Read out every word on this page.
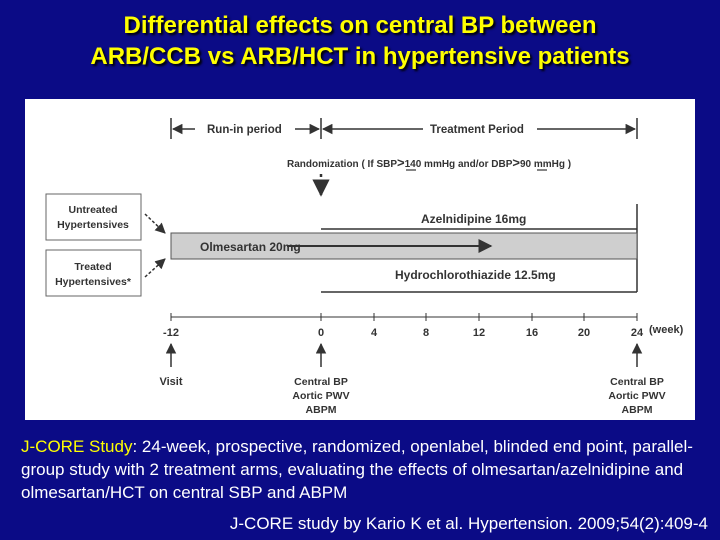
Differential effects on central BP between
ARB/CCB vs ARB/HCT in hypertensive patients
Run-in period	Treatment Period
Randomization ( If SBP>140 mmHg and/or DBP>90 mmHg )
Untreated
Hypertensives
Treated
Hypertensives*
Azelnidipine 16mg
Olmesartan 20mg
Hydrochlorothiazide 12.5mg
-12	0	4	8	12	16	20	24 (week)
Visit	Central BP
Aortic PWV
ABPM
Central BP
Aortic PWV
ABPM
J-CORE Study: 24-week, prospective, randomized, openlabel, blinded end point, parallel-group study with 2 treatment arms, evaluating the effects of olmesartan/azelnidipine and olmesartan/HCT on central SBP and ABPM
J-CORE study by Kario K et al. Hypertension. 2009;54(2):409-4
